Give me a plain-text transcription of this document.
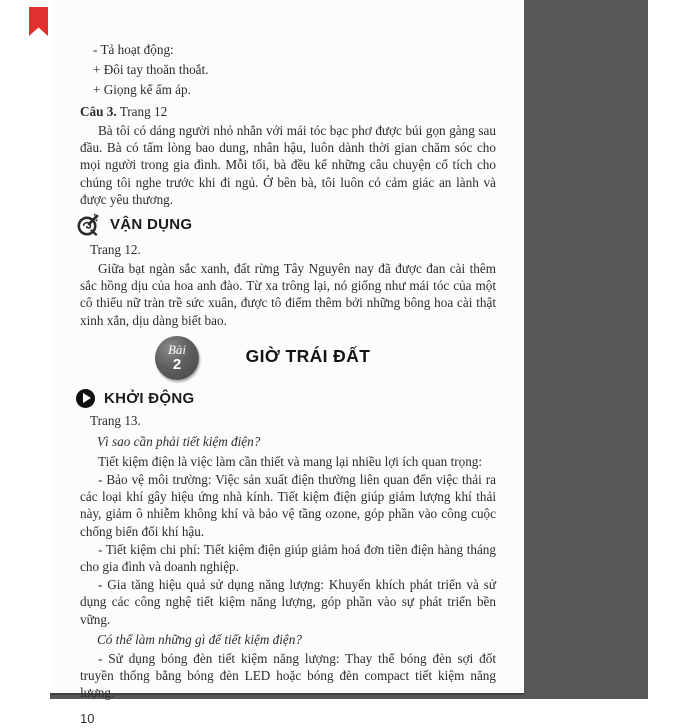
- Tả hoạt động:
+ Đôi tay thoăn thoắt.
+ Giọng kể ấm áp.
Câu 3. Trang 12

Bà tôi có dáng người nhỏ nhắn với mái tóc bạc phơ được búi gọn gàng sau đầu. Bà có tấm lòng bao dung, nhân hậu, luôn dành thời gian chăm sóc cho mọi người trong gia đình. Mỗi tối, bà đều kể những câu chuyện cổ tích cho chúng tôi nghe trước khi đi ngủ. Ở bên bà, tôi luôn có cảm giác an lành và được yêu thương.

VẬN DỤNG
Trang 12.

Giữa bạt ngàn sắc xanh, đất rừng Tây Nguyên nay đã được đan cài thêm sắc hồng dịu của hoa anh đào. Từ xa trông lại, nó giống như mái tóc của một cô thiếu nữ tràn trề sức xuân, được tô điểm thêm bởi những bông hoa cài thật xinh xắn, dịu dàng biết bao.

Bài
2	GIỜ TRÁI ĐẤT
KHỞI ĐỘNG
Trang 13.
Vì sao cần phải tiết kiệm điện?
Tiết kiệm điện là việc làm cần thiết và mang lại nhiều lợi ích quan trọng:

- Bảo vệ môi trường: Việc sản xuất điện thường liên quan đến việc thải ra các loại khí gây hiệu ứng nhà kính. Tiết kiệm điện giúp giảm lượng khí thải này, giảm ô nhiễm không khí và bảo vệ tầng ozone, góp phần vào công cuộc chống biến đổi khí hậu.

- Tiết kiệm chi phí: Tiết kiệm điện giúp giảm hoá đơn tiền điện hàng tháng cho gia đình và doanh nghiệp.

- Gia tăng hiệu quả sử dụng năng lượng: Khuyến khích phát triển và sử dụng các công nghệ tiết kiệm năng lượng, góp phần vào sự phát triển bền vững.

Có thể làm những gì để tiết kiệm điện?

- Sử dụng bóng đèn tiết kiệm năng lượng: Thay thế bóng đèn sợi đốt truyền thống bằng bóng đèn LED hoặc bóng đèn compact tiết kiệm năng lượng.

10
